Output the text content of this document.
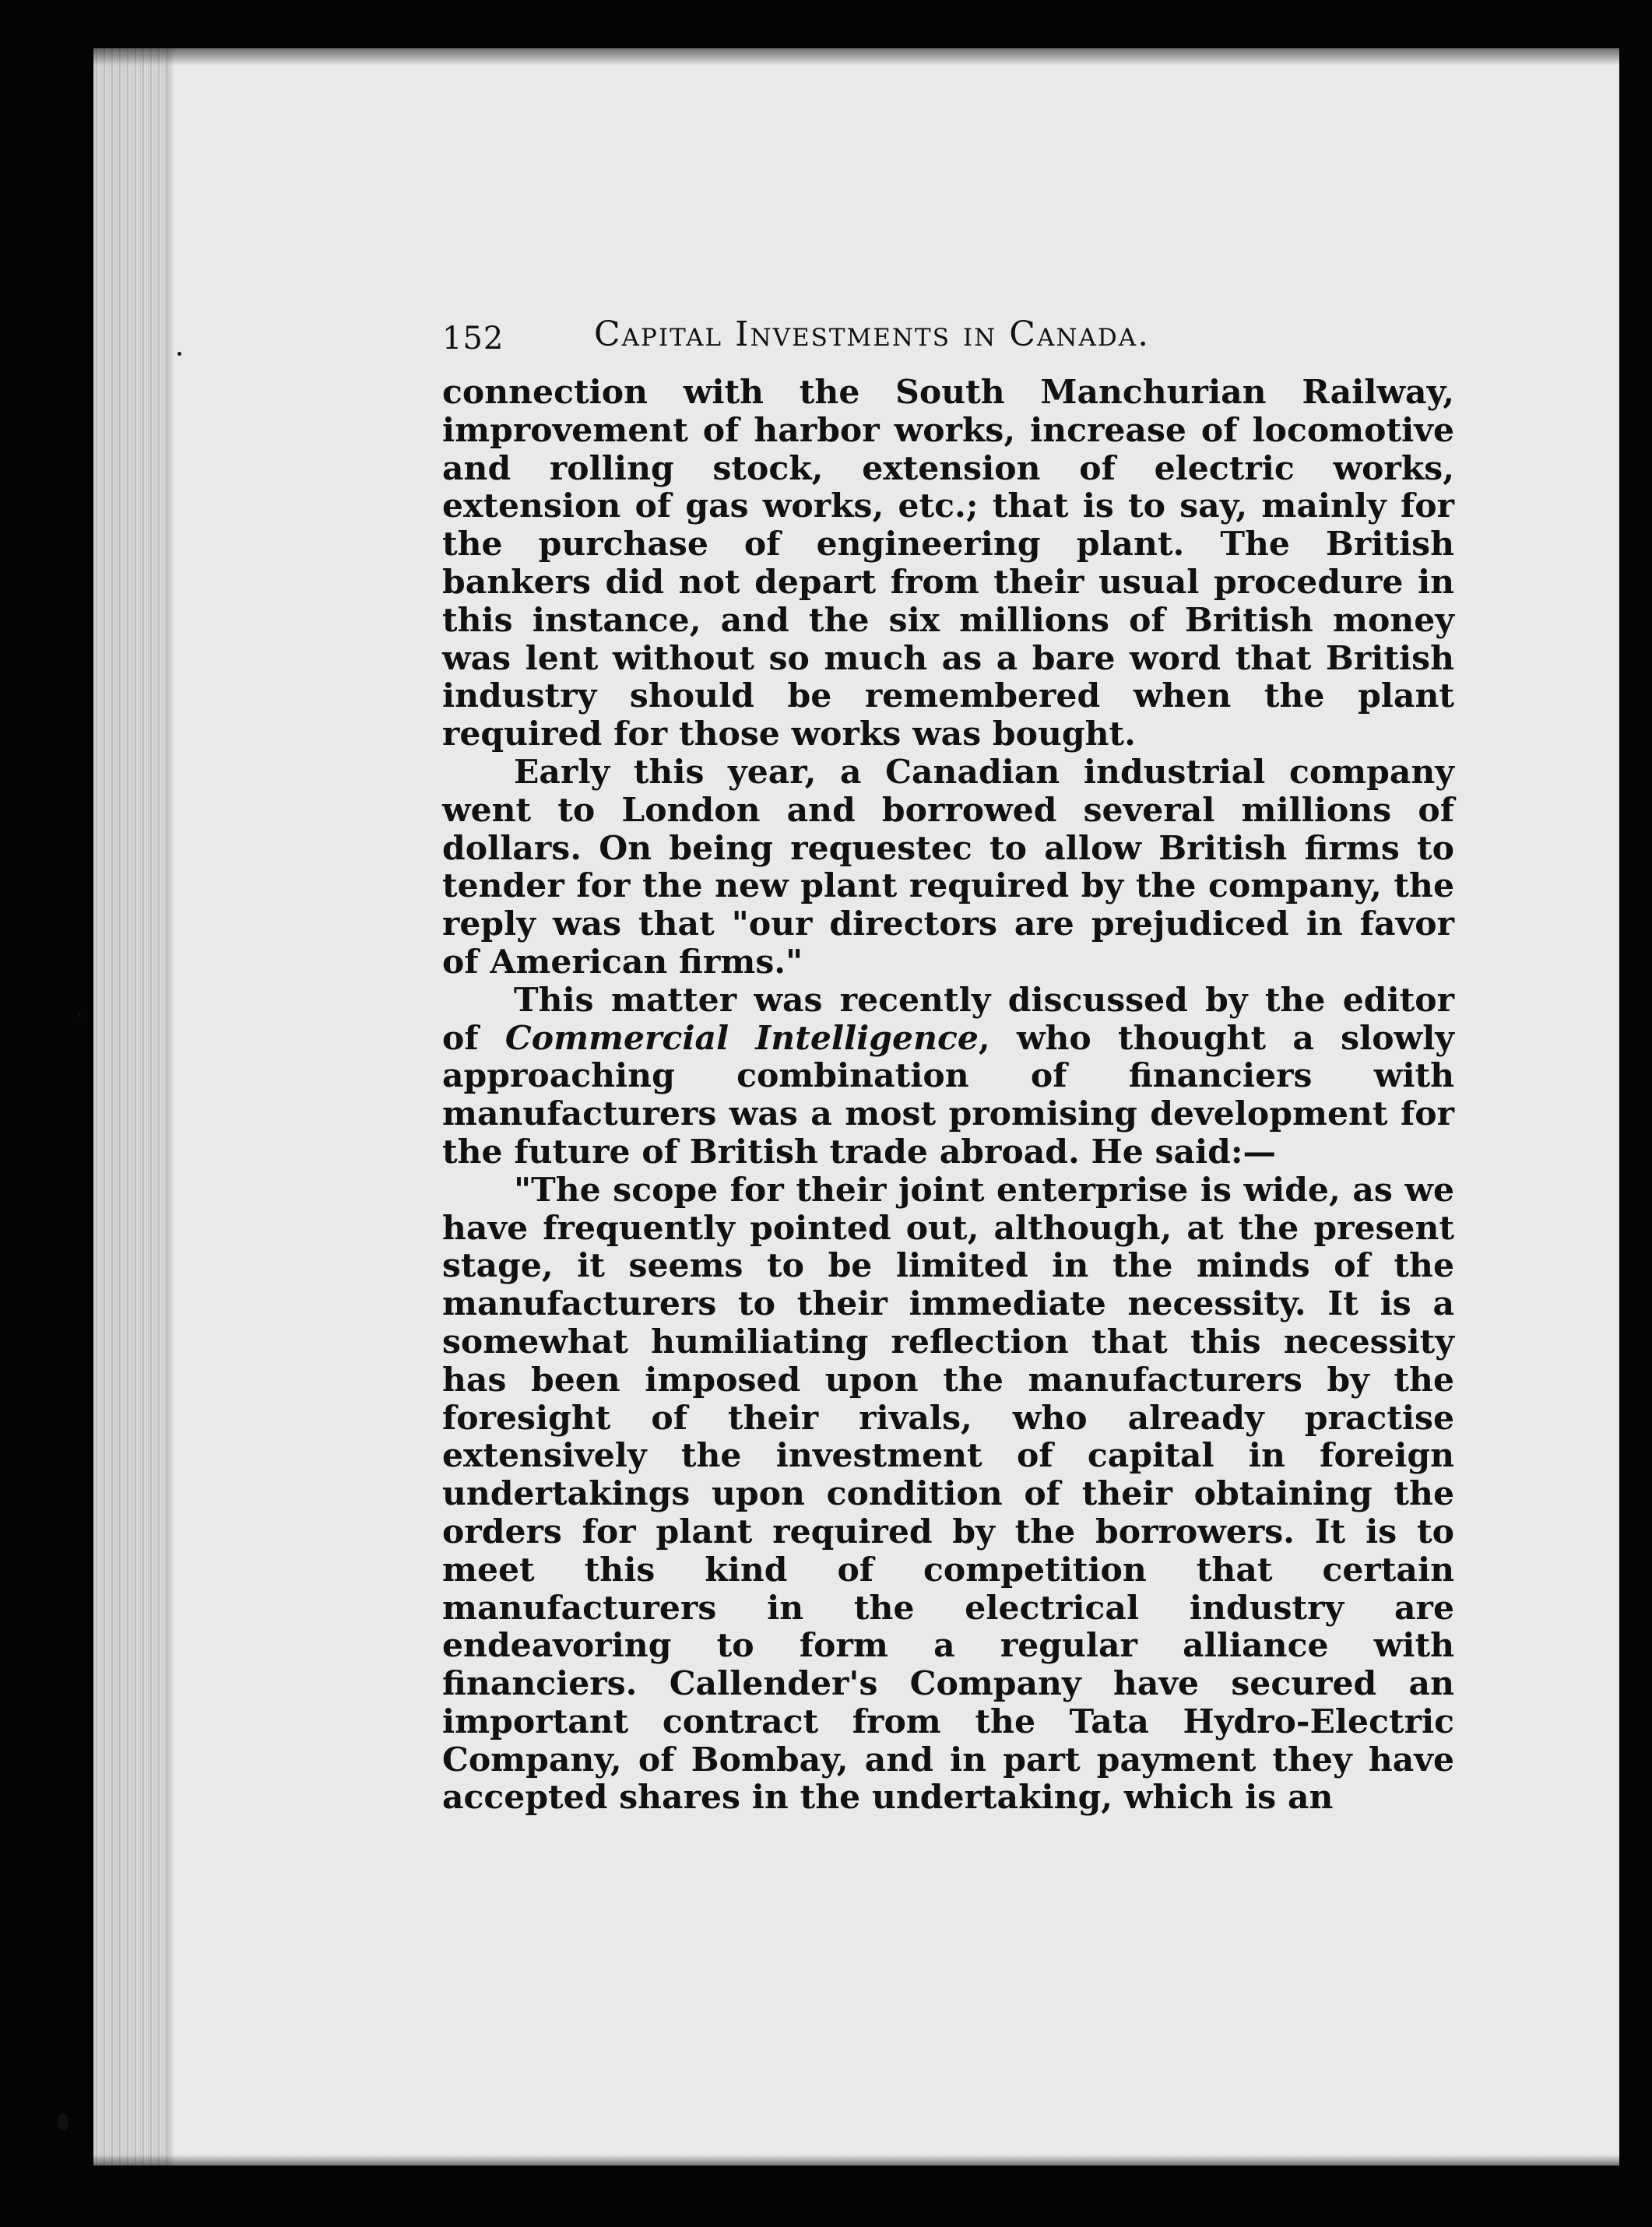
152	Capital Investments in Canada.

connection with the South Manchurian Railway, improvement of harbor works, increase of locomotive and rolling stock, extension of electric works, extension of gas works, etc.; that is to say, mainly for the purchase of engineering plant. The British bankers did not depart from their usual procedure in this instance, and the six millions of British money was lent without so much as a bare word that British industry should be remembered when the plant required for those works was bought.

Early this year, a Canadian industrial company went to London and borrowed several millions of dollars. On being requestec to allow British firms to tender for the new plant required by the company, the reply was that "our directors are prejudiced in favor of American firms."

This matter was recently discussed by the editor of Commercial Intelligence, who thought a slowly approaching combination of financiers with manufacturers was a most promising development for the future of British trade abroad. He said:—

"The scope for their joint enterprise is wide, as we have frequently pointed out, although, at the present stage, it seems to be limited in the minds of the manufacturers to their immediate necessity. It is a somewhat humiliating reflection that this necessity has been imposed upon the manufacturers by the foresight of their rivals, who already practise extensively the investment of capital in foreign undertakings upon condition of their obtaining the orders for plant required by the borrowers. It is to meet this kind of competition that certain manufacturers in the electrical industry are endeavoring to form a regular alliance with financiers. Callender's Company have secured an important contract from the Tata Hydro-Electric Company, of Bombay, and in part payment they have accepted shares in the undertaking, which is an
